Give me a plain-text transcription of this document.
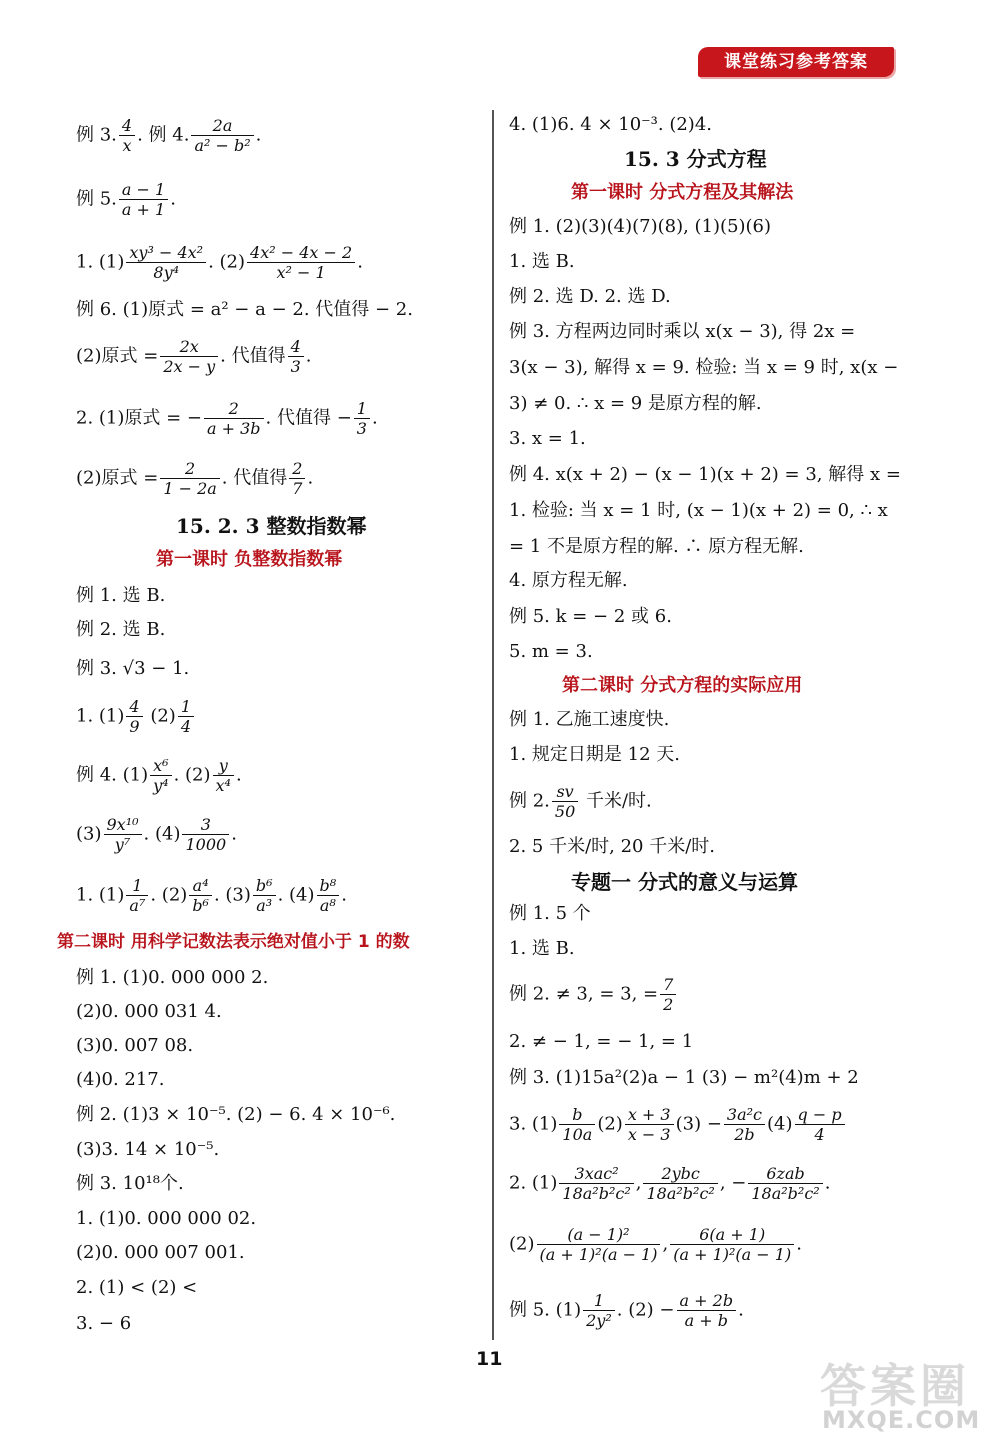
课堂练习参考答案
例 3. $\frac{4}{x}$ . 例 4. $\frac{2a}{\text{a² − b²}}$ .
例 5. $\frac{a - 1}{a + 1}$ .
1. $(1) \frac{\text{xy³ − 4x²}}{\text{8y⁴}}$ . $(2) \frac{\text{4x² − 4x − 2}}{\text{x² − 1}}$ .
例 6. (1)原式 = a² − a − 2. 代值得 − 2.
(2)原式 = $\frac{2x}{2x - y}$ . 代值得 $\frac{4}{3}$ .
2. (1)原式 = − $\frac{2}{a + 3b}$ . 代值得 − $\frac{1}{3}$ .
(2)原式 = $\frac{2}{1 - 2a}$ . 代值得 $\frac{2}{7}$ .
15. 2. 3 整数指数幂
第一课时 负整数指数幂
例 1. 选 B.
例 2. 选 B.
例 3. √3 − 1.
1. $(1) \frac{4}{9} (2) \frac{1}{4}$
例 4. $(1) \frac{\text{x⁶}}{\text{y⁴}}$ . $(2) \frac{y}{\text{x⁴}}$ .
$(3) \frac{\text{9x¹⁰}}{\text{y⁷}}$ . $(4) \frac{3}{1000}$ .
1. $(1) \frac{1}{\text{a⁷}}$ . $(2) \frac{\text{a⁴}}{\text{b⁶}}$ . $(3) \frac{\text{b⁶}}{\text{a³}}$ . $(4) \frac{\text{b⁸}}{\text{a⁸}}$ .
第二课时 用科学记数法表示绝对值小于 1 的数
例 1. (1)0. 000 000 2.
(2)0. 000 031 4.
(3)0. 007 08.
(4)0. 217.
例 2. (1)3 × 10⁻⁵. (2) − 6. 4 × 10⁻⁶.
(3)3. 14 × 10⁻⁵.
例 3. 10¹⁸个.
1. (1)0. 000 000 02.
(2)0. 000 007 001.
2. (1) < (2) <
3. − 6
4. (1)6. 4 × 10⁻³. (2)4.
15. 3 分式方程
第一课时 分式方程及其解法
例 1. (2)(3)(4)(7)(8), (1)(5)(6)
1. 选 B.
例 2. 选 D. 2. 选 D.
例 3. 方程两边同时乘以 x(x − 3), 得 2x =
3(x − 3), 解得 x = 9. 检验: 当 x = 9 时, x(x −
3) ≠ 0. ∴ x = 9 是原方程的解.
3. x = 1.
例 4. x(x + 2) − (x − 1)(x + 2) = 3, 解得 x =
1. 检验: 当 x = 1 时, (x − 1)(x + 2) = 0, ∴ x
= 1 不是原方程的解. ∴ 原方程无解.
4. 原方程无解.
例 5. k = − 2 或 6.
5. m = 3.
第二课时 分式方程的实际应用
例 1. 乙施工速度快.
1. 规定日期是 12 天.
例 2. $\frac{sv}{50}$ 千米/时.
2. 5 千米/时, 20 千米/时.
专题一 分式的意义与运算
例 1. 5 个
1. 选 B.
例 2. ≠ 3, = 3, = $\frac{7}{2}$
2. ≠ − 1, = − 1, = 1
例 3. (1)15a²(2)a − 1 (3) − m²(4)m + 2
3. $(1) \frac{b}{10a} (2) \frac{x + 3}{x - 3} (3) - \frac{\text{3a²c}}{2b} (4) \frac{q - p}{4}$
2. (1)	3xac²
18a²b²c² ,	2ybc
18a²b²c² , −	6zab
18a²b²c² .
$(2) \frac{\text{(a − 1)²}}{\text{(a + 1)²(a − 1)}}$ , $\frac{6(a + 1)}{\text{(a + 1)²(a − 1)}}$ .
例 5. $(1) \frac{1}{\text{2y²}}$ . $(2) - \frac{a + 2b}{a + b}$ .
11	答案圈
MXQE.COM
